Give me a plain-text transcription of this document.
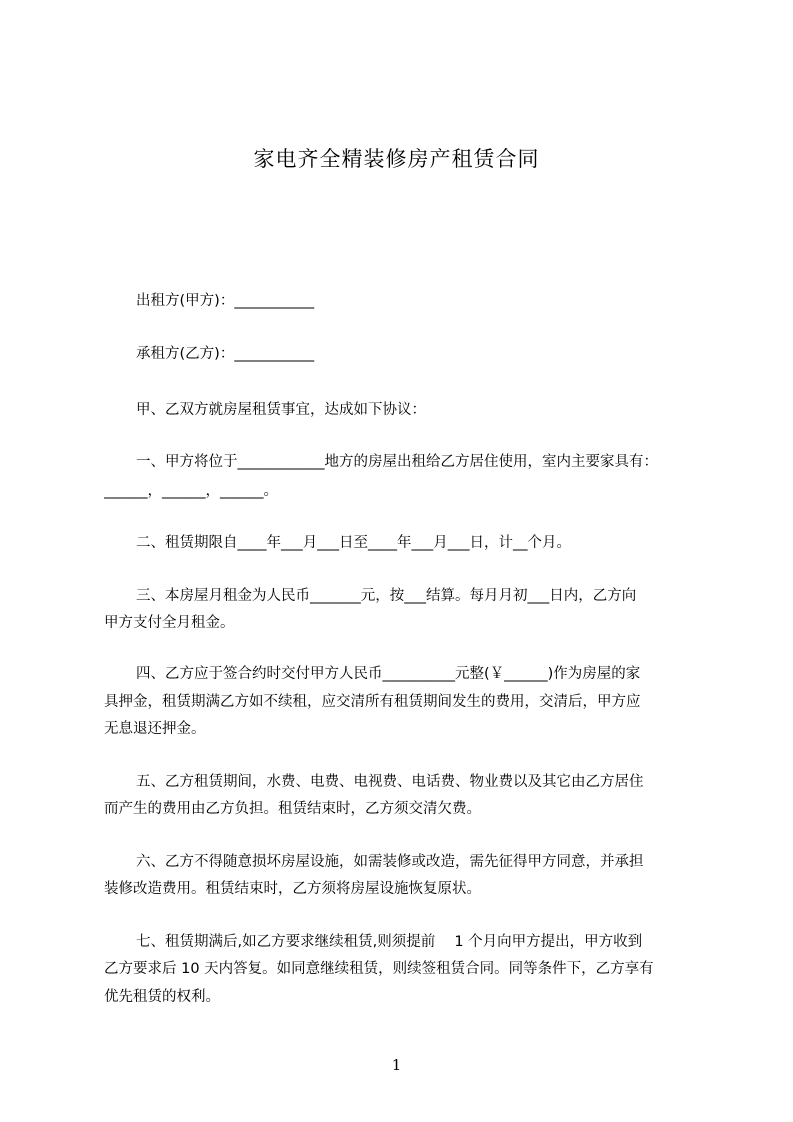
家电齐全精装修房产租赁合同
出租方(甲方)：___________
承租方(乙方)：___________
甲、乙双方就房屋租赁事宜，达成如下协议：
一、甲方将位于____________地方的房屋出租给乙方居住使用，室内主要家具有：
______，______，______。
二、租赁期限自____年___月___日至____年___月___日，计__个月。
三、本房屋月租金为人民币_______元，按___结算。每月月初___日内，乙方向
甲方支付全月租金。
四、乙方应于签合约时交付甲方人民币__________元整(￥______)作为房屋的家
具押金，租赁期满乙方如不续租，应交清所有租赁期间发生的费用，交清后，甲方应
无息退还押金。
五、乙方租赁期间，水费、电费、电视费、电话费、物业费以及其它由乙方居住
而产生的费用由乙方负担。租赁结束时，乙方须交清欠费。
六、乙方不得随意损坏房屋设施，如需装修或改造，需先征得甲方同意，并承担
装修改造费用。租赁结束时，乙方须将房屋设施恢复原状。
七、租赁期满后,如乙方要求继续租赁,则须提前　 1 个月向甲方提出，甲方收到
乙方要求后 10 天内答复。如同意继续租赁，则续签租赁合同。同等条件下，乙方享有
优先租赁的权利。
1
